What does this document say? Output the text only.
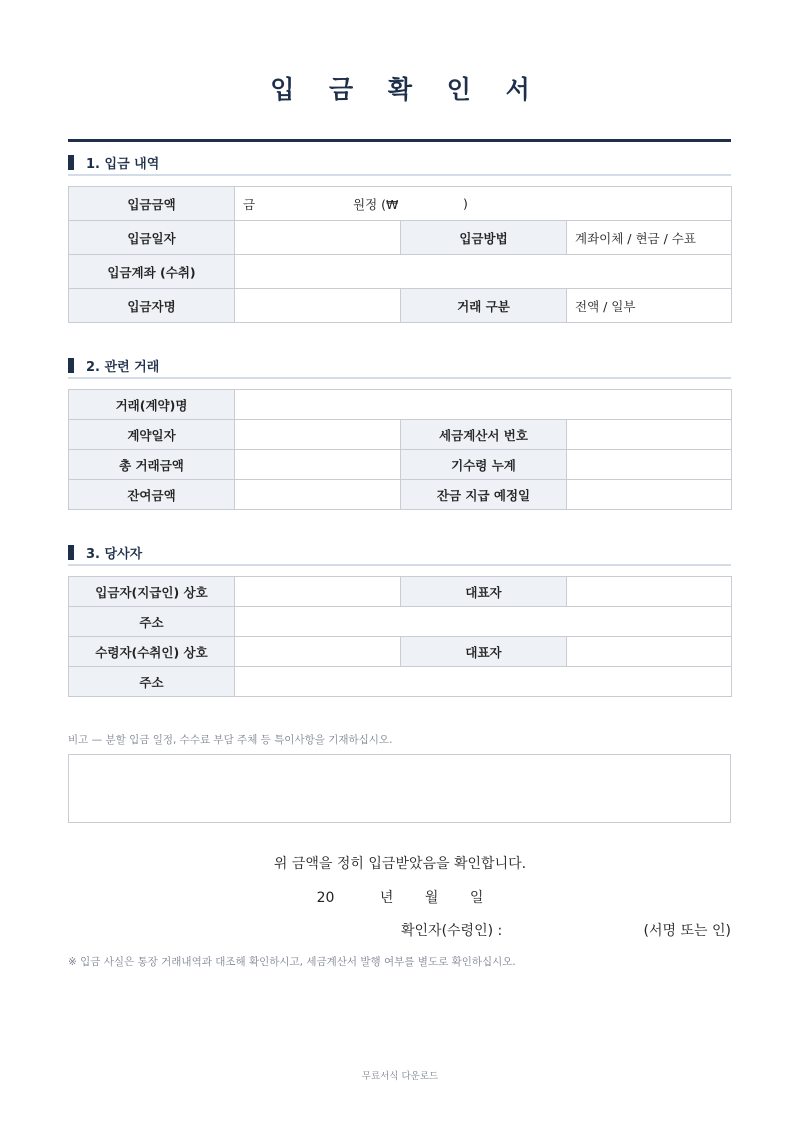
입 금 확 인 서
1. 입금 내역
입금금액	금 원정 (₩ )		

입금일자		입금방법	계좌이체 / 현금 / 수표
입금계좌 (수취)			
입금자명		거래 구분	전액 / 일부
2. 관련 거래
거래(계약)명			
계약일자		세금계산서 번호	
총 거래금액		기수령 누계	
잔여금액		잔금 지급 예정일	
3. 당사자
입금자(지급인) 상호		대표자	
주소			
수령자(수취인) 상호		대표자	
주소			
비고 — 분할 입금 일정, 수수료 부담 주체 등 특이사항을 기재하십시오.
위 금액을 정히 입금받았음을 확인합니다.
20	년 월 일
확인자(수령인) :	(서명 또는 인)
※ 입금 사실은 통장 거래내역과 대조해 확인하시고, 세금계산서 발행 여부를 별도로 확인하십시오.
무료서식 다운로드
